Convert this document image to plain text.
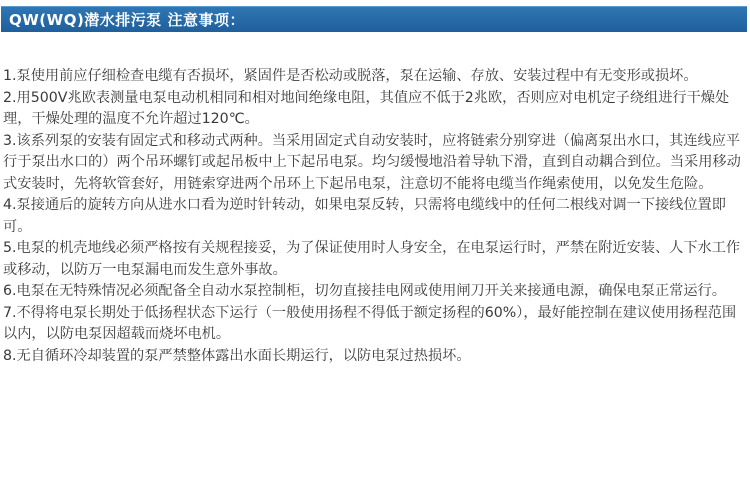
QW(WQ)潜水排污泵 注意事项：

1.泵使用前应仔细检查电缆有否损坏，紧固件是否松动或脱落，泵在运输、存放、安装过程中有无变形或损坏。

2.用500V兆欧表测量电泵电动机相同和相对地间绝缘电阻，其值应不低于2兆欧，否则应对电机定子绕组进行干燥处理，干燥处理的温度不允许超过120℃。

3.该系列泵的安装有固定式和移动式两种。当采用固定式自动安装时，应将链索分别穿进（偏离泵出水口，其连线应平行于泵出水口的）两个吊环螺钉或起吊板中上下起吊电泵。均匀缓慢地沿着导轨下滑，直到自动耦合到位。当采用移动式安装时，先将软管套好，用链索穿进两个吊环上下起吊电泵，注意切不能将电缆当作绳索使用，以免发生危险。

4.泵接通后的旋转方向从进水口看为逆时针转动，如果电泵反转，只需将电缆线中的任何二根线对调一下接线位置即可。

5.电泵的机壳地线必须严格按有关规程接妥，为了保证使用时人身安全，在电泵运行时，严禁在附近安装、人下水工作或移动，以防万一电泵漏电而发生意外事故。

6.电泵在无特殊情况必须配备全自动水泵控制柜，切勿直接挂电网或使用闸刀开关来接通电源，确保电泵正常运行。

7.不得将电泵长期处于低扬程状态下运行（一般使用扬程不得低于额定扬程的60%），最好能控制在建议使用扬程范围以内，以防电泵因超载而烧坏电机。

8.无自循环冷却装置的泵严禁整体露出水面长期运行，以防电泵过热损坏。
